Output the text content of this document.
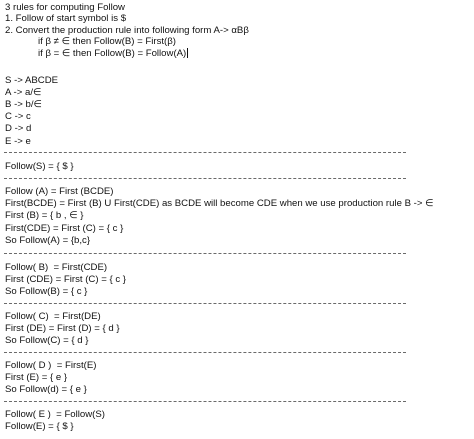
3 rules for computing Follow
1. Follow of start symbol is $
2. Convert the production rule into following form A-> αBβ
if β ≠ ∈ then Follow(B) = First(β)
if β = ∈ then Follow(B) = Follow(A)
S -> ABCDE
A -> a/∈
B -> b/∈
C -> c
D -> d
E -> e
Follow(S) = { $ }
Follow (A) = First (BCDE)
First(BCDE) = First (B) U First(CDE) as BCDE will become CDE when we use production rule B -> ∈
First (B) = { b , ∈ }
First(CDE) = First (C) = { c }
So Follow(A) = {b,c}
Follow( B)  = First(CDE)
First (CDE) = First (C) = { c }
So Follow(B) = { c }
Follow( C)  = First(DE)
First (DE) = First (D) = { d }
So Follow(C) = { d }
Follow( D )  = First(E)
First (E) = { e }
So Follow(d) = { e }
Follow( E )  = Follow(S)
Follow(E) = { $ }
